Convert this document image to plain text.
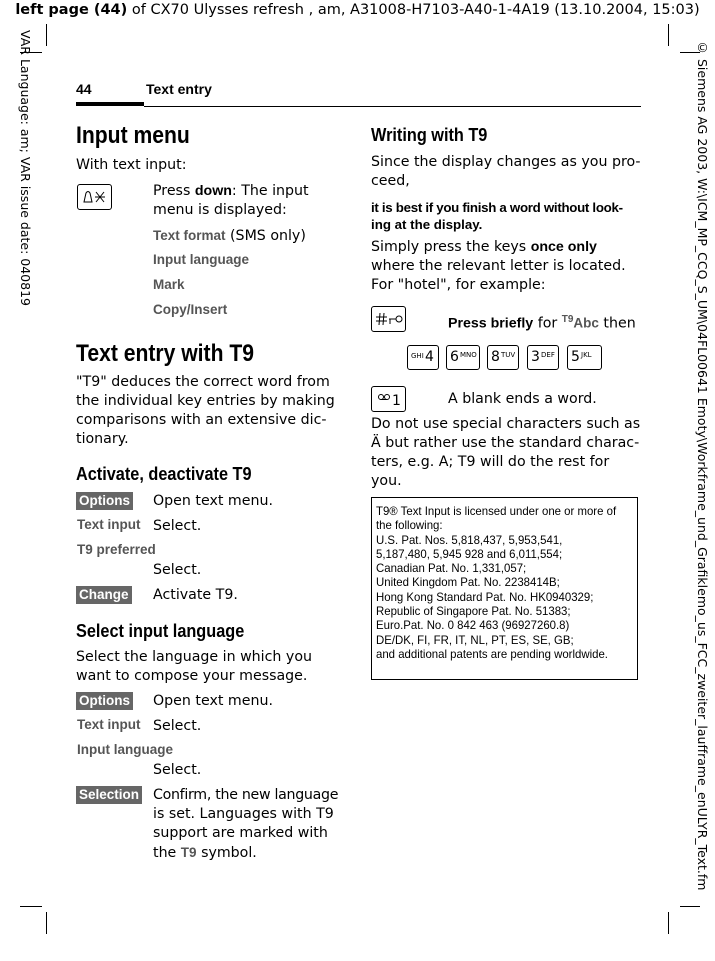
left page (44) of CX70 Ulysses refresh , am, A31008-H7103-A40-1-4A19 (13.10.2004, 15:03)
VAR Language: am; VAR issue date: 040819	© Siemens AG 2003, W:\ICM_MP_CCQ_S_UM\04FL00641 Emoty\Workframe_und_Grafiklemo_us_FCC_zweiter_laufframe_enULYR_Text.fm
44	Text entry
Input menu
With text input:
Press down: The input
menu is displayed:
Text format (SMS only)
Input language
Mark
Copy/Insert
Text entry with T9
"T9" deduces the correct word from
the individual key entries by making
comparisons with an extensive dic-
tionary.
Activate, deactivate T9
Options Open text menu.
Text input Select.
T9 preferred
Select.
Change Activate T9.
Select input language
Select the language in which you
want to compose your message.
Options Open text menu.
Text input Select.
Input language
Select.
Selection Confirm, the new language
is set. Languages with T9
support are marked with
the T9 symbol.
Writing with T9
Since the display changes as you pro-
ceed,
it is best if you finish a word without look-
ing at the display.
Simply press the keys once only
where the relevant letter is located.
For "hotel", for example:
Press briefly for $^{T9}$Abc then
GHI 4 6 MNO 8 TUV 3 DEF 5 JKL
1	A blank ends a word.
Do not use special characters such as
Ä but rather use the standard charac-
ters, e.g. A; T9 will do the rest for
you.
T9® Text Input is licensed under one or more of
the following:
U.S. Pat. Nos. 5,818,437, 5,953,541,
5,187,480, 5,945 928 and 6,011,554;
Canadian Pat. No. 1,331,057;
United Kingdom Pat. No. 2238414B;
Hong Kong Standard Pat. No. HK0940329;
Republic of Singapore Pat. No. 51383;
Euro.Pat. No. 0 842 463 (96927260.8)
DE/DK, FI, FR, IT, NL, PT, ES, SE, GB;
and additional patents are pending worldwide.
